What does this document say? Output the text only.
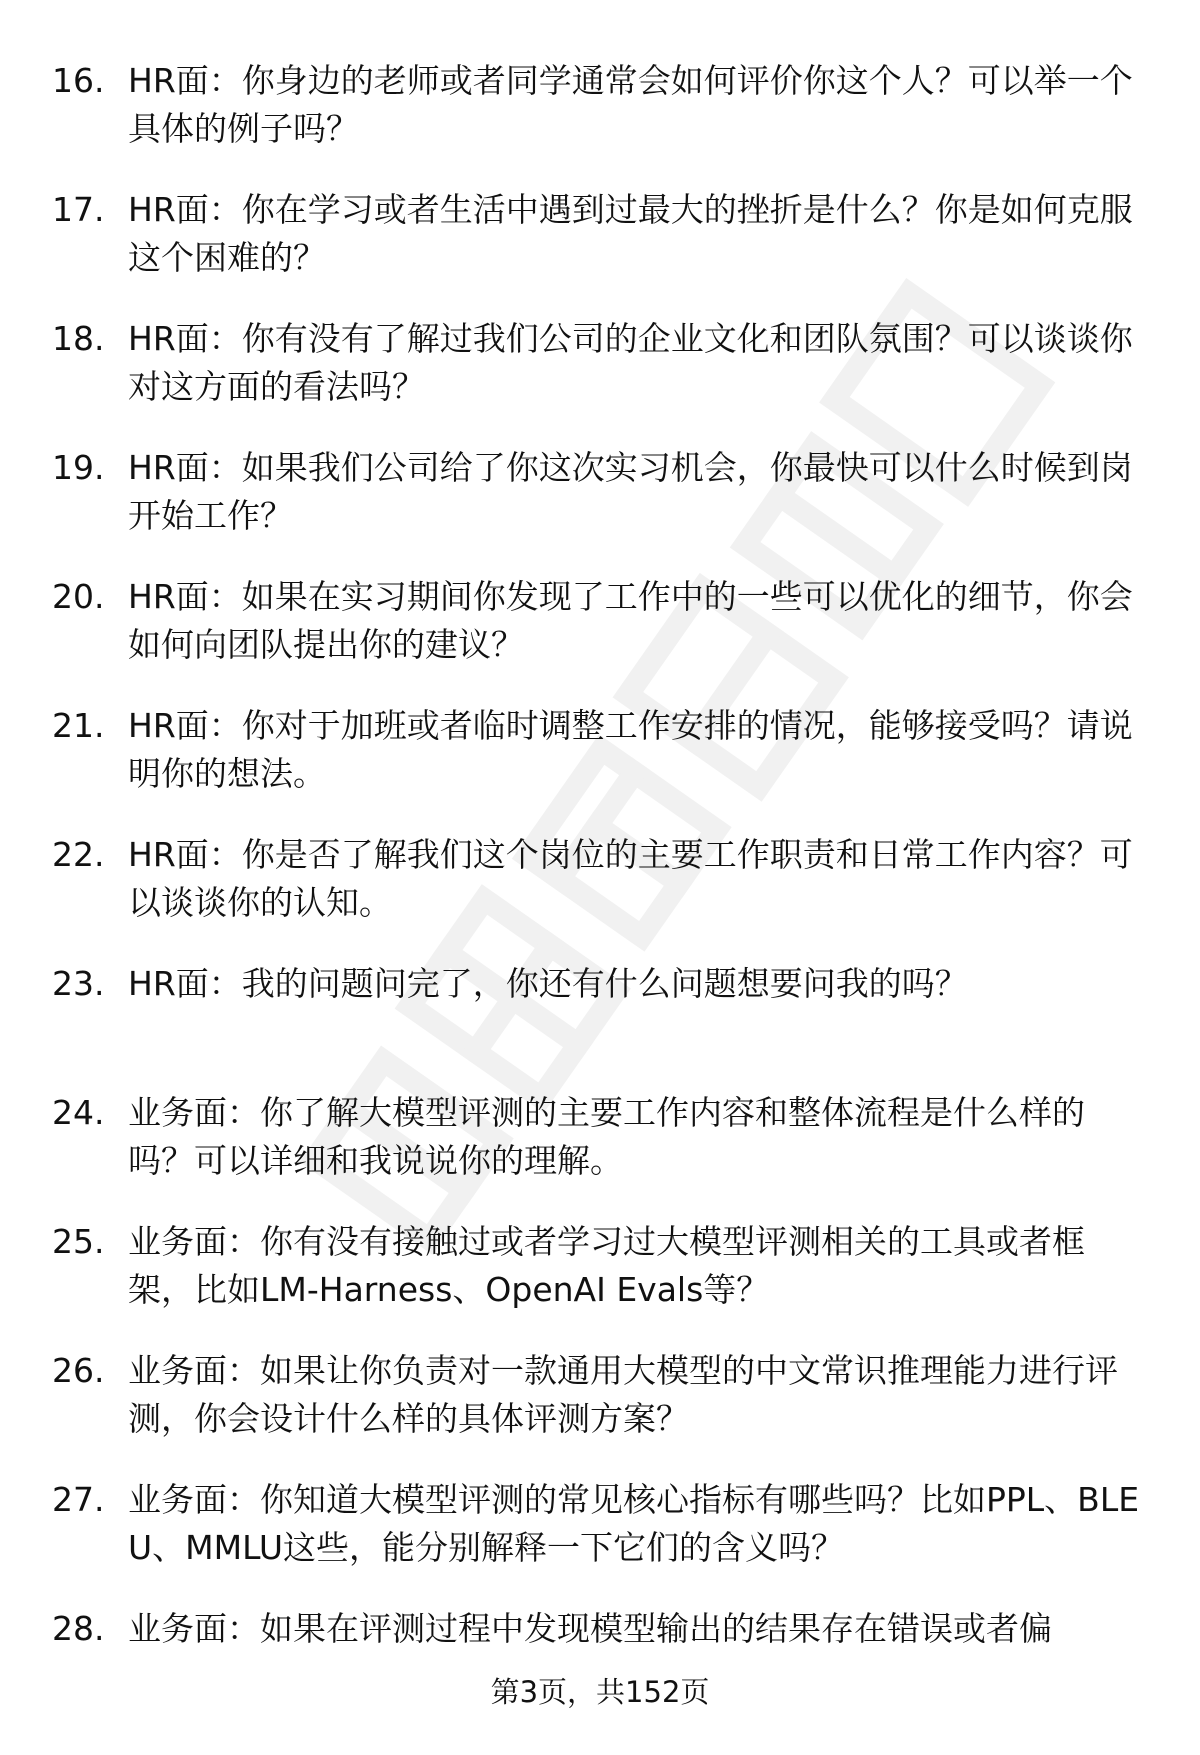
16. HR面：你身边的老师或者同学通常会如何评价你这个人？可以举一个具体的例子吗？
17. HR面：你在学习或者生活中遇到过最大的挫折是什么？你是如何克服这个困难的？
18. HR面：你有没有了解过我们公司的企业文化和团队氛围？可以谈谈你对这方面的看法吗？
19. HR面：如果我们公司给了你这次实习机会，你最快可以什么时候到岗开始工作？
20. HR面：如果在实习期间你发现了工作中的一些可以优化的细节，你会如何向团队提出你的建议？
21. HR面：你对于加班或者临时调整工作安排的情况，能够接受吗？请说明你的想法。
22. HR面：你是否了解我们这个岗位的主要工作职责和日常工作内容？可以谈谈你的认知。
23. HR面：我的问题问完了，你还有什么问题想要问我的吗？
24. 业务面：你了解大模型评测的主要工作内容和整体流程是什么样的吗？可以详细和我说说你的理解。
25. 业务面：你有没有接触过或者学习过大模型评测相关的工具或者框架，比如LM-Harness、OpenAI Evals等？
26. 业务面：如果让你负责对一款通用大模型的中文常识推理能力进行评测，你会设计什么样的具体评测方案？
27. 业务面：你知道大模型评测的常见核心指标有哪些吗？比如PPL、BLEU、MMLU这些，能分别解释一下它们的含义吗？
28. 业务面：如果在评测过程中发现模型输出的结果存在错误或者偏
第3页，共152页
